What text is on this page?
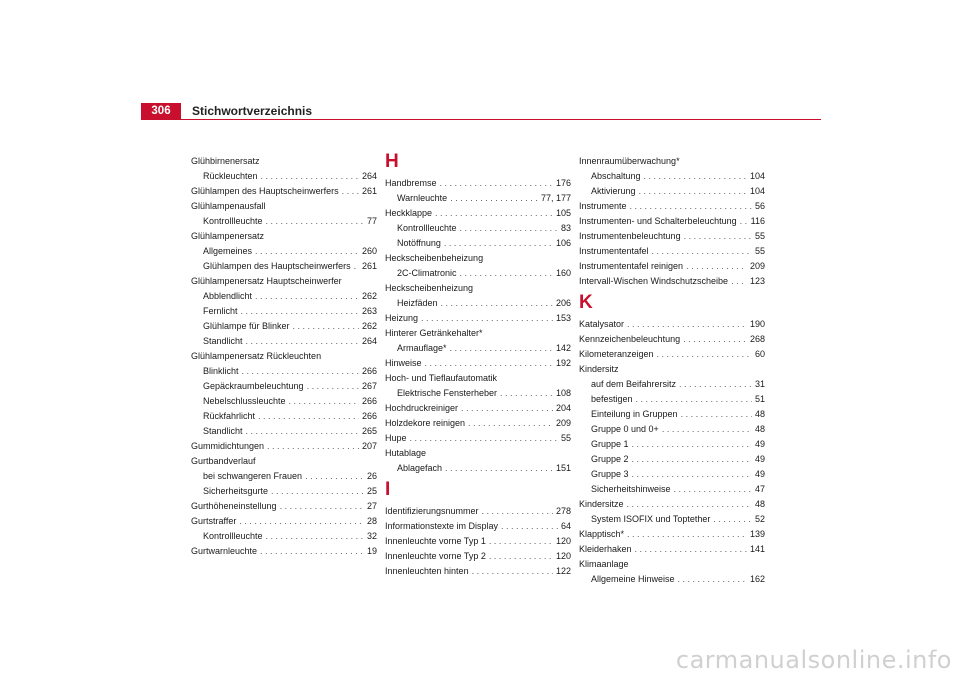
306	Stichwortverzeichnis
Glühbirnenersatz
Rückleuchten . . .	264
Glühlampen des Hauptscheinwerfers . . .	261
Glühlampenausfall
Kontrollleuchte . . .	77
Glühlampenersatz
Allgemeines . . .	260
Glühlampen des Hauptscheinwerfers . . .	261
Glühlampenersatz Hauptscheinwerfer
Abblendlicht . . .	262
Fernlicht . . .	263
Glühlampe für Blinker . . .	262
Standlicht . . .	264
Glühlampenersatz Rückleuchten
Blinklicht . . .	266
Gepäckraumbeleuchtung . . .	267
Nebelschlussleuchte . . .	266
Rückfahrlicht . . .	266
Standlicht . . .	265
Gummidichtungen . . .	207
Gurtbandverlauf
bei schwangeren Frauen . . .	26
Sicherheitsgurte . . .	25
Gurthöheneinstellung . . .	27
Gurtstraffer . . .	28
Kontrollleuchte . . .	32
Gurtwarnleuchte . . .	19
H
Handbremse . . .	176
Warnleuchte . . .	77, 177
Heckklappe . . .	105
Kontrollleuchte . . .	83
Notöffnung . . .	106
Heckscheibenbeheizung
2C-Climatronic . . .	160
Heckscheibenheizung
Heizfäden . . .	206
Heizung . . .	153
Hinterer Getränkehalter*
Armauflage* . . .	142
Hinweise . . .	192
Hoch- und Tieflaufautomatik
Elektrische Fensterheber . . .	108
Hochdruckreiniger . . .	204
Holzdekore reinigen . . .	209
Hupe . . .	55
Hutablage
Ablagefach . . .	151
I
Identifizierungsnummer . . .	278
Informationstexte im Display . . .	64
Innenleuchte vorne Typ 1 . . .	120
Innenleuchte vorne Typ 2 . . .	120
Innenleuchten hinten . . .	122
Innenraumüberwachung*
Abschaltung . . .	104
Aktivierung . . .	104
Instrumente . . .	56
Instrumenten- und Schalterbeleuchtung . . .	116
Instrumentenbeleuchtung . . .	55
Instrumententafel . . .	55
Instrumententafel reinigen . . .	209
Intervall-Wischen Windschutzscheibe . . .	123
K
Katalysator . . .	190
Kennzeichenbeleuchtung . . .	268
Kilometeranzeigen . . .	60
Kindersitz
auf dem Beifahrersitz . . .	31
befestigen . . .	51
Einteilung in Gruppen . . .	48
Gruppe 0 und 0+ . . .	48
Gruppe 1 . . .	49
Gruppe 2 . . .	49
Gruppe 3 . . .	49
Sicherheitshinweise . . .	47
Kindersitze . . .	48
System ISOFIX und Toptether . . .	52
Klapptisch* . . .	139
Kleiderhaken . . .	141
Klimaanlage
Allgemeine Hinweise . . .	162
carmanualsonline.info
